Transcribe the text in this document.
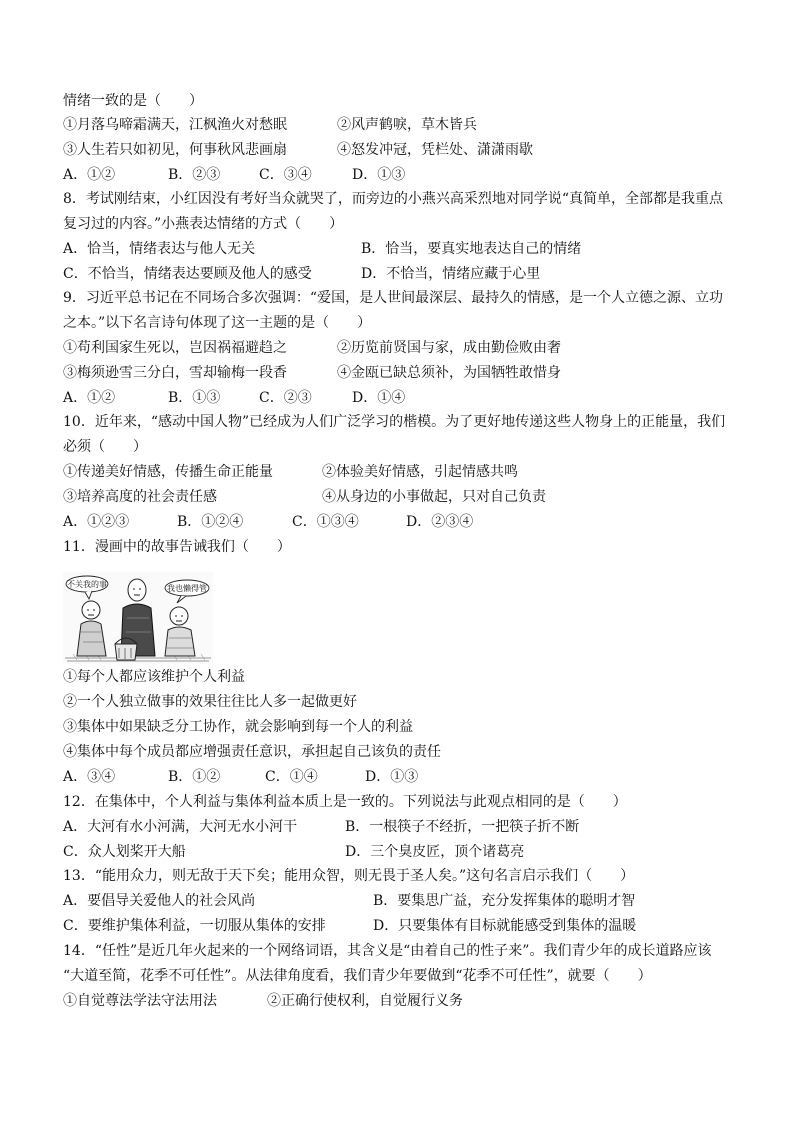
情绪一致的是（　　）
①月落乌啼霜满天，江枫渔火对愁眠	②风声鹤唳，草木皆兵
③人生若只如初见，何事秋风悲画扇	④怒发冲冠，凭栏处、潇潇雨歇
A．①②	B．②③	C．③④	D．①③
8．考试刚结束，小红因没有考好当众就哭了，而旁边的小燕兴高采烈地对同学说“真简单，全部都是我重点
复习过的内容。”小燕表达情绪的方式（　　）
A．恰当，情绪表达与他人无关	B．恰当，要真实地表达自己的情绪
C．不恰当，情绪表达要顾及他人的感受	D．不恰当，情绪应藏于心里
9．习近平总书记在不同场合多次强调：“爱国，是人世间最深层、最持久的情感，是一个人立德之源、立功
之本。”以下名言诗句体现了这一主题的是（　　）
①苟利国家生死以，岂因祸福避趋之	②历览前贤国与家，成由勤俭败由奢
③梅须逊雪三分白，雪却输梅一段香	④金瓯已缺总须补，为国牺牲敢惜身
A．①②	B．①③	C．②③	D．①④
10．近年来，“感动中国人物”已经成为人们广泛学习的楷模。为了更好地传递这些人物身上的正能量，我们
必须（　　）
①传递美好情感，传播生命正能量	②体验美好情感，引起情感共鸣
③培养高度的社会责任感	④从身边的小事做起，只对自己负责
A．①②③	B．①②④	C．①③④	D．②③④
11．漫画中的故事告诫我们（　　）
不关我的事	我也懒得管
①每个人都应该维护个人利益
②一个人独立做事的效果往往比人多一起做更好
③集体中如果缺乏分工协作，就会影响到每一个人的利益
④集体中每个成员都应增强责任意识，承担起自己该负的责任
A．③④	B．①②	C．①④	D．①③
12．在集体中，个人利益与集体利益本质上是一致的。下列说法与此观点相同的是（　　）
A．大河有水小河满，大河无水小河干	B．一根筷子不经折，一把筷子折不断
C．众人划桨开大船	D．三个臭皮匠，顶个诸葛亮
13．“能用众力，则无敌于天下矣；能用众智，则无畏于圣人矣。”这句名言启示我们（　　）
A．要倡导关爱他人的社会风尚	B．要集思广益，充分发挥集体的聪明才智
C．要维护集体利益，一切服从集体的安排	D．只要集体有目标就能感受到集体的温暖
14．“任性”是近几年火起来的一个网络词语，其含义是“由着自己的性子来”。我们青少年的成长道路应该
“大道至简，花季不可任性”。从法律角度看，我们青少年要做到“花季不可任性”，就要（　　）
①自觉尊法学法守法用法	②正确行使权利，自觉履行义务
